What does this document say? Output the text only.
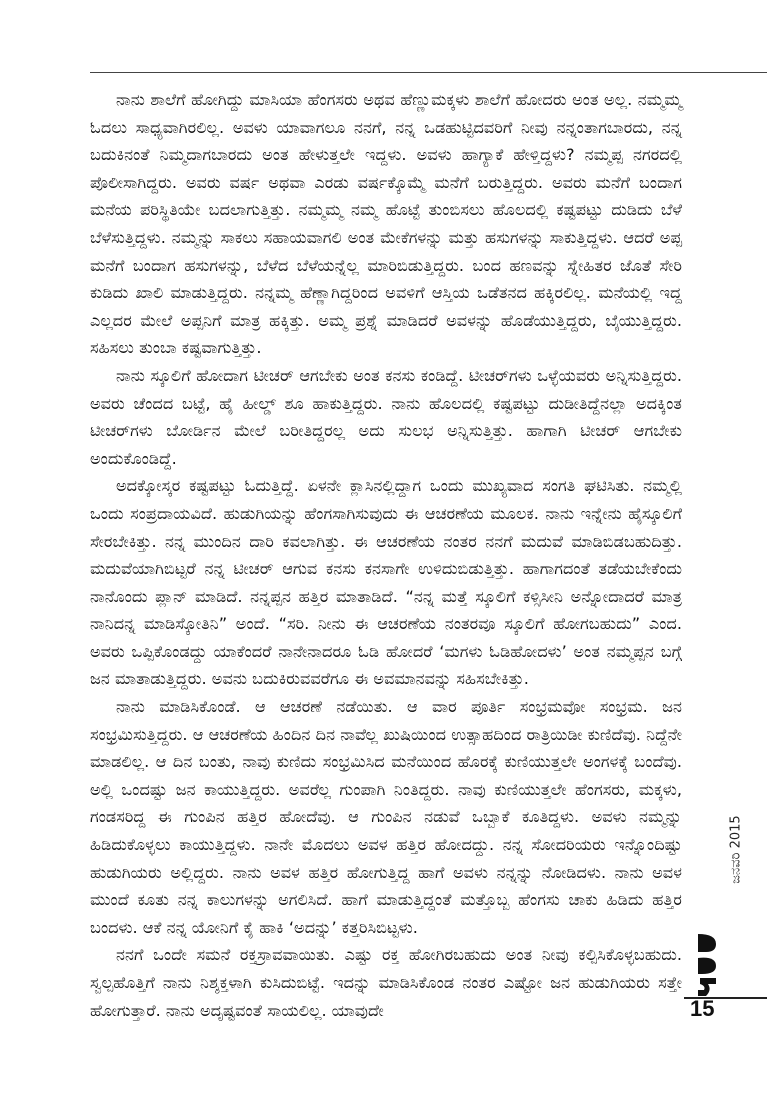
ನಾನು ಶಾಲೆಗೆ ಹೋಗಿದ್ದು ಮಾಸಿಯಾ ಹೆಂಗಸರು ಅಥವ ಹೆಣ್ಣುಮಕ್ಕಳು ಶಾಲೆಗೆ ಹೋದರು ಅಂತ ಅಲ್ಲ. ನಮ್ಮಮ್ಮ ಓದಲು ಸಾಧ್ಯವಾಗಿರಲಿಲ್ಲ. ಅವಳು ಯಾವಾಗಲೂ ನನಗೆ, ನನ್ನ ಒಡಹುಟ್ಟಿದವರಿಗೆ ನೀವು ನನ್ನಂತಾಗಬಾರದು, ನನ್ನ ಬದುಕಿನಂತೆ ನಿಮ್ಮದಾಗಬಾರದು ಅಂತ ಹೇಳುತ್ತಲೇ ಇದ್ದಳು. ಅವಳು ಹಾಗ್ಯಾಕೆ ಹೇಳ್ತಿದ್ದಳು? ನಮ್ಮಪ್ಪ ನಗರದಲ್ಲಿ ಪೊಲೀಸಾಗಿದ್ದರು. ಅವರು ವರ್ಷ ಅಥವಾ ಎರಡು ವರ್ಷಕ್ಕೊಮ್ಮೆ ಮನೆಗೆ ಬರುತ್ತಿದ್ದರು. ಅವರು ಮನೆಗೆ ಬಂದಾಗ ಮನೆಯ ಪರಿಸ್ಥಿತಿಯೇ ಬದಲಾಗುತ್ತಿತ್ತು. ನಮ್ಮಮ್ಮ ನಮ್ಮ ಹೊಟ್ಟೆ ತುಂಬಿಸಲು ಹೊಲದಲ್ಲಿ ಕಷ್ಟಪಟ್ಟು ದುಡಿದು ಬೆಳೆ ಬೆಳೆಸುತ್ತಿದ್ದಳು. ನಮ್ಮನ್ನು ಸಾಕಲು ಸಹಾಯವಾಗಲಿ ಅಂತ ಮೇಕೆಗಳನ್ನು ಮತ್ತು ಹಸುಗಳನ್ನು ಸಾಕುತ್ತಿದ್ದಳು. ಆದರೆ ಅಪ್ಪ ಮನೆಗೆ ಬಂದಾಗ ಹಸುಗಳನ್ನು, ಬೆಳೆದ ಬೆಳೆಯನ್ನೆಲ್ಲ ಮಾರಿಬಿಡುತ್ತಿದ್ದರು. ಬಂದ ಹಣವನ್ನು ಸ್ನೇಹಿತರ ಜೊತೆ ಸೇರಿ ಕುಡಿದು ಖಾಲಿ ಮಾಡುತ್ತಿದ್ದರು. ನನ್ನಮ್ಮ ಹೆಣ್ಣಾಗಿದ್ದರಿಂದ ಅವಳಿಗೆ ಆಸ್ತಿಯ ಒಡೆತನದ ಹಕ್ಕಿರಲಿಲ್ಲ. ಮನೆಯಲ್ಲಿ ಇದ್ದ ಎಲ್ಲದರ ಮೇಲೆ ಅಪ್ಪನಿಗೆ ಮಾತ್ರ ಹಕ್ಕಿತ್ತು. ಅಮ್ಮ ಪ್ರಶ್ನೆ ಮಾಡಿದರೆ ಅವಳನ್ನು ಹೊಡೆಯುತ್ತಿದ್ದರು, ಬೈಯುತ್ತಿದ್ದರು. ಸಹಿಸಲು ತುಂಬಾ ಕಷ್ಟವಾಗುತ್ತಿತ್ತು.

ನಾನು ಸ್ಕೂಲಿಗೆ ಹೋದಾಗ ಟೀಚರ್ ಆಗಬೇಕು ಅಂತ ಕನಸು ಕಂಡಿದ್ದೆ. ಟೀಚರ್‌ಗಳು ಒಳ್ಳೆಯವರು ಅನ್ನಿಸುತ್ತಿದ್ದರು. ಅವರು ಚೆಂದದ ಬಟ್ಟೆ, ಹೈ ಹೀಲ್ಡ್ ಶೂ ಹಾಕುತ್ತಿದ್ದರು. ನಾನು ಹೊಲದಲ್ಲಿ ಕಷ್ಟಪಟ್ಟು ದುಡೀತಿದ್ದೆನಲ್ಲಾ ಅದಕ್ಕಿಂತ ಟೀಚರ್‌ಗಳು ಬೋರ್ಡಿನ ಮೇಲೆ ಬರೀತಿದ್ದರಲ್ಲ ಅದು ಸುಲಭ ಅನ್ನಿಸುತ್ತಿತ್ತು. ಹಾಗಾಗಿ ಟೀಚರ್ ಆಗಬೇಕು ಅಂದುಕೊಂಡಿದ್ದೆ.

ಅದಕ್ಕೋಸ್ಕರ ಕಷ್ಟಪಟ್ಟು ಓದುತ್ತಿದ್ದೆ. ಏಳನೇ ಕ್ಲಾಸಿನಲ್ಲಿದ್ದಾಗ ಒಂದು ಮುಖ್ಯವಾದ ಸಂಗತಿ ಘಟಿಸಿತು. ನಮ್ಮಲ್ಲಿ ಒಂದು ಸಂಪ್ರದಾಯವಿದೆ. ಹುಡುಗಿಯನ್ನು ಹೆಂಗಸಾಗಿಸುವುದು ಈ ಆಚರಣೆಯ ಮೂಲಕ. ನಾನು ಇನ್ನೇನು ಹೈಸ್ಕೂಲಿಗೆ ಸೇರಬೇಕಿತ್ತು. ನನ್ನ ಮುಂದಿನ ದಾರಿ ಕವಲಾಗಿತ್ತು. ಈ ಆಚರಣೆಯ ನಂತರ ನನಗೆ ಮದುವೆ ಮಾಡಿಬಿಡಬಹುದಿತ್ತು. ಮದುವೆಯಾಗಿಬಿಟ್ಟರೆ ನನ್ನ ಟೀಚರ್ ಆಗುವ ಕನಸು ಕನಸಾಗೇ ಉಳಿದುಬಿಡುತ್ತಿತ್ತು. ಹಾಗಾಗದಂತೆ ತಡೆಯಬೇಕೆಂದು ನಾನೊಂದು ಪ್ಲಾನ್ ಮಾಡಿದೆ. ನನ್ನಪ್ಪನ ಹತ್ತಿರ ಮಾತಾಡಿದೆ. “ನನ್ನ ಮತ್ತೆ ಸ್ಕೂಲಿಗೆ ಕಳ್ಸಿಸೀನಿ ಅನ್ನೋದಾದರೆ ಮಾತ್ರ ನಾನಿದನ್ನ ಮಾಡಿಸ್ಕೋತಿನಿ” ಅಂದೆ. “ಸರಿ. ನೀನು ಈ ಆಚರಣೆಯ ನಂತರವೂ ಸ್ಕೂಲಿಗೆ ಹೋಗಬಹುದು” ಎಂದ. ಅವರು ಒಪ್ಪಿಕೊಂಡದ್ದು ಯಾಕೆಂದರೆ ನಾನೇನಾದರೂ ಓಡಿ ಹೋದರೆ ‘ಮಗಳು ಓಡಿಹೋದಳು’ ಅಂತ ನಮ್ಮಪ್ಪನ ಬಗ್ಗೆ ಜನ ಮಾತಾಡುತ್ತಿದ್ದರು. ಅವನು ಬದುಕಿರುವವರೆಗೂ ಈ ಅವಮಾನವನ್ನು ಸಹಿಸಬೇಕಿತ್ತು.

ನಾನು ಮಾಡಿಸಿಕೊಂಡೆ. ಆ ಆಚರಣೆ ನಡೆಯಿತು. ಆ ವಾರ ಪೂರ್ತಿ ಸಂಭ್ರಮವೋ ಸಂಭ್ರಮ. ಜನ ಸಂಭ್ರಮಿಸುತ್ತಿದ್ದರು. ಆ ಆಚರಣೆಯ ಹಿಂದಿನ ದಿನ ನಾವೆಲ್ಲ ಖುಷಿಯಿಂದ ಉತ್ಸಾಹದಿಂದ ರಾತ್ರಿಯಿಡೀ ಕುಣಿದೆವು. ನಿದ್ದೆನೇ ಮಾಡಲಿಲ್ಲ. ಆ ದಿನ ಬಂತು, ನಾವು ಕುಣಿದು ಸಂಭ್ರಮಿಸಿದ ಮನೆಯಿಂದ ಹೊರಕ್ಕೆ ಕುಣಿಯುತ್ತಲೇ ಅಂಗಳಕ್ಕೆ ಬಂದೆವು. ಅಲ್ಲಿ ಒಂದಷ್ಟು ಜನ ಕಾಯುತ್ತಿದ್ದರು. ಅವರೆಲ್ಲ ಗುಂಪಾಗಿ ನಿಂತಿದ್ದರು. ನಾವು ಕುಣಿಯುತ್ತಲೇ ಹೆಂಗಸರು, ಮಕ್ಕಳು, ಗಂಡಸರಿದ್ದ ಈ ಗುಂಪಿನ ಹತ್ತಿರ ಹೋದೆವು. ಆ ಗುಂಪಿನ ನಡುವೆ ಒಬ್ಬಾಕೆ ಕೂತಿದ್ದಳು. ಅವಳು ನಮ್ಮನ್ನು ಹಿಡಿದುಕೊಳ್ಳಲು ಕಾಯುತ್ತಿದ್ದಳು. ನಾನೇ ಮೊದಲು ಅವಳ ಹತ್ತಿರ ಹೋದದ್ದು. ನನ್ನ ಸೋದರಿಯರು ಇನ್ನೊಂದಿಷ್ಟು ಹುಡುಗಿಯರು ಅಲ್ಲಿದ್ದರು. ನಾನು ಅವಳ ಹತ್ತಿರ ಹೋಗುತ್ತಿದ್ದ ಹಾಗೆ ಅವಳು ನನ್ನನ್ನು ನೋಡಿದಳು. ನಾನು ಅವಳ ಮುಂದೆ ಕೂತು ನನ್ನ ಕಾಲುಗಳನ್ನು ಅಗಲಿಸಿದೆ. ಹಾಗೆ ಮಾಡುತ್ತಿದ್ದಂತೆ ಮತ್ತೊಬ್ಬ ಹೆಂಗಸು ಚಾಕು ಹಿಡಿದು ಹತ್ತಿರ ಬಂದಳು. ಆಕೆ ನನ್ನ ಯೋನಿಗೆ ಕೈ ಹಾಕಿ ‘ಅದನ್ನು’ ಕತ್ತರಿಸಿಬಿಟ್ಟಳು.

ನನಗೆ ಒಂದೇ ಸಮನೆ ರಕ್ತಸ್ರಾವವಾಯಿತು. ಎಷ್ಟು ರಕ್ತ ಹೋಗಿರಬಹುದು ಅಂತ ನೀವು ಕಲ್ಪಿಸಿಕೊಳ್ಳಬಹುದು. ಸ್ವಲ್ಪಹೊತ್ತಿಗೆ ನಾನು ನಿಶ್ಶಕ್ತಳಾಗಿ ಕುಸಿದುಬಿಟ್ಟೆ. ಇದನ್ನು ಮಾಡಿಸಿಕೊಂಡ ನಂತರ ಎಷ್ಟೋ ಜನ ಹುಡುಗಿಯರು ಸತ್ತೇ ಹೋಗುತ್ತಾರೆ. ನಾನು ಅದೃಷ್ಟವಂತೆ ಸಾಯಲಿಲ್ಲ. ಯಾವುದೇ

ಜನವರಿ 2015
15
